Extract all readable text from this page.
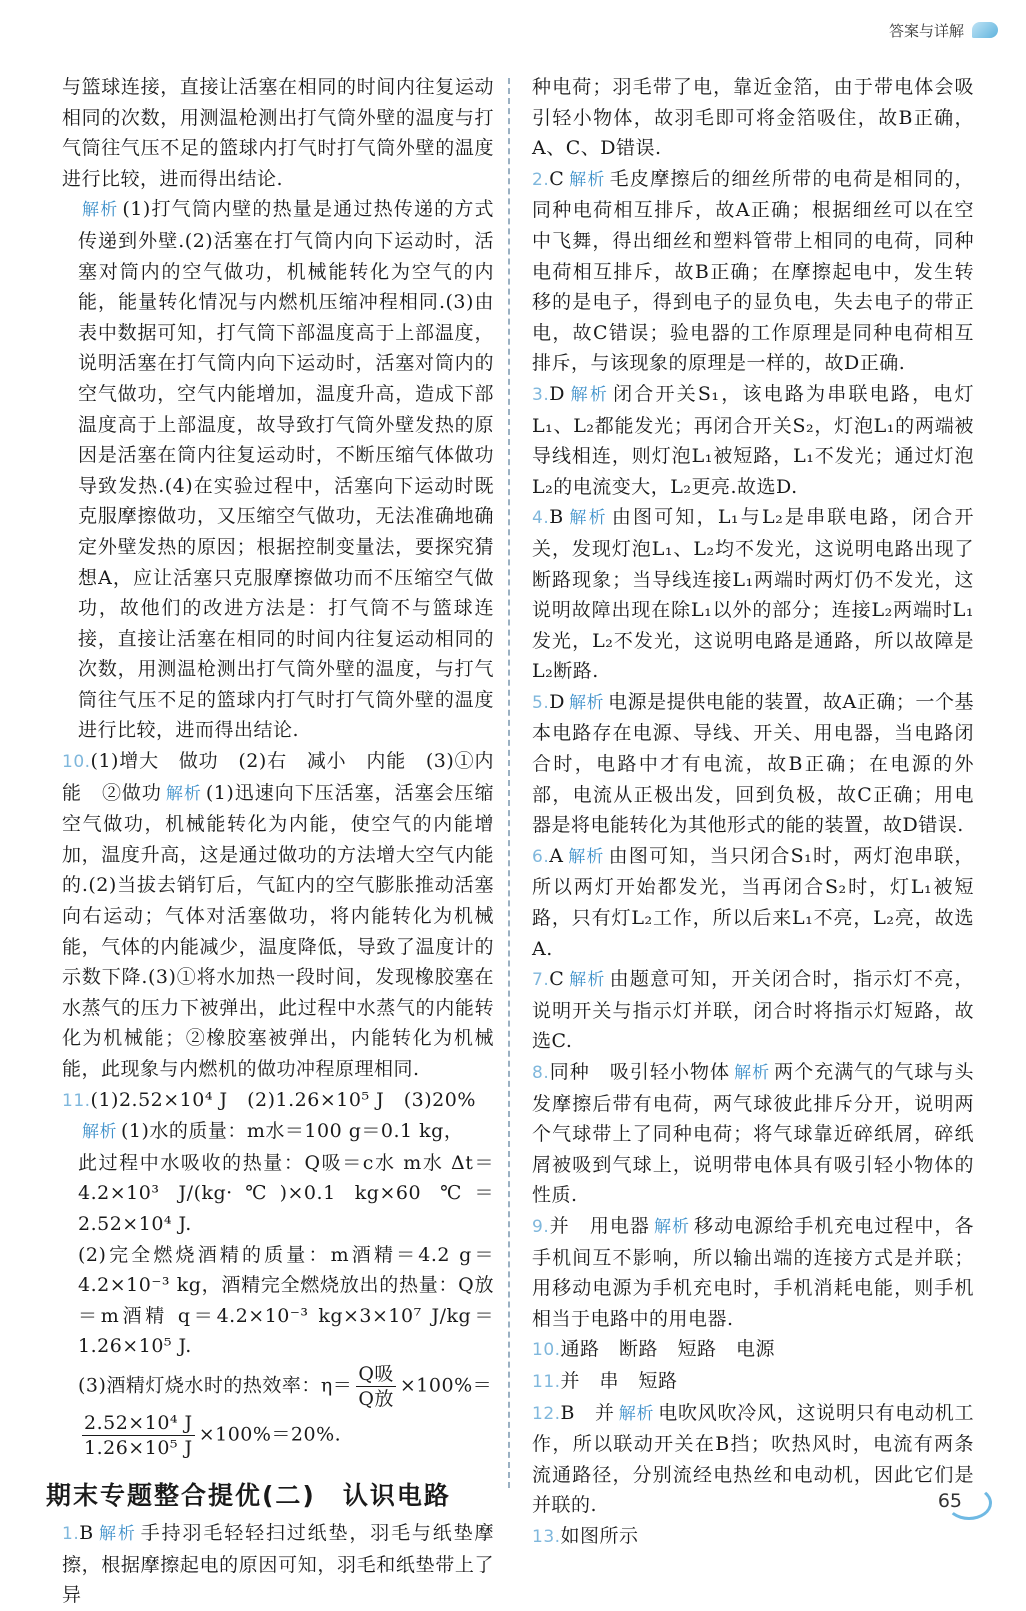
答案与详解

与篮球连接，直接让活塞在相同的时间内往复运动相同的次数，用测温枪测出打气筒外壁的温度与打气筒往气压不足的篮球内打气时打气筒外壁的温度进行比较，进而得出结论.

解析 (1)打气筒内壁的热量是通过热传递的方式传递到外壁.(2)活塞在打气筒内向下运动时，活塞对筒内的空气做功，机械能转化为空气的内能，能量转化情况与内燃机压缩冲程相同.(3)由表中数据可知，打气筒下部温度高于上部温度，说明活塞在打气筒内向下运动时，活塞对筒内的空气做功，空气内能增加，温度升高，造成下部温度高于上部温度，故导致打气筒外壁发热的原因是活塞在筒内往复运动时，不断压缩气体做功导致发热.(4)在实验过程中，活塞向下运动时既克服摩擦做功，又压缩空气做功，无法准确地确定外壁发热的原因；根据控制变量法，要探究猜想A，应让活塞只克服摩擦做功而不压缩空气做功，故他们的改进方法是：打气筒不与篮球连接，直接让活塞在相同的时间内往复运动相同的次数，用测温枪测出打气筒外壁的温度，与打气筒往气压不足的篮球内打气时打气筒外壁的温度进行比较，进而得出结论.

10.(1)增大　做功　(2)右　减小　内能　(3)①内能　②做功 解析 (1)迅速向下压活塞，活塞会压缩空气做功，机械能转化为内能，使空气的内能增加，温度升高，这是通过做功的方法增大空气内能的.(2)当拔去销钉后，气缸内的空气膨胀推动活塞向右运动；气体对活塞做功，将内能转化为机械能，气体的内能减少，温度降低，导致了温度计的示数下降.(3)①将水加热一段时间，发现橡胶塞在水蒸气的压力下被弹出，此过程中水蒸气的内能转化为机械能；②橡胶塞被弹出，内能转化为机械能，此现象与内燃机的做功冲程原理相同.

11.(1)2.52×10⁴ J　(2)1.26×10⁵ J　(3)20%

解析 (1)水的质量：m水＝100 g＝0.1 kg，

此过程中水吸收的热量：Q吸＝c水 m水 Δt＝4.2×10³ J/(kg·℃)×0.1 kg×60 ℃＝2.52×10⁴ J.

(2)完全燃烧酒精的质量：m酒精＝4.2 g＝4.2×10⁻³ kg，酒精完全燃烧放出的热量：Q放＝m酒精 q＝4.2×10⁻³ kg×3×10⁷ J/kg＝1.26×10⁵ J.

(3)酒精灯烧水时的热效率：$\eta= \frac{\text{Q吸}}{\text{Q放}} \times 100\%=$

$\frac{\text{2.52×10⁴ J}}{\text{1.26×10⁵ J}} \times 100\%=20\%$.

期末专题整合提优(二)　认识电路

1.B 解析 手持羽毛轻轻扫过纸垫，羽毛与纸垫摩擦，根据摩擦起电的原因可知，羽毛和纸垫带上了异

种电荷；羽毛带了电，靠近金箔，由于带电体会吸引轻小物体，故羽毛即可将金箔吸住，故B正确，A、C、D错误.

2.C 解析 毛皮摩擦后的细丝所带的电荷是相同的，同种电荷相互排斥，故A正确；根据细丝可以在空中飞舞，得出细丝和塑料管带上相同的电荷，同种电荷相互排斥，故B正确；在摩擦起电中，发生转移的是电子，得到电子的显负电，失去电子的带正电，故C错误；验电器的工作原理是同种电荷相互排斥，与该现象的原理是一样的，故D正确.

3.D 解析 闭合开关S₁，该电路为串联电路，电灯L₁、L₂都能发光；再闭合开关S₂，灯泡L₁的两端被导线相连，则灯泡L₁被短路，L₁不发光；通过灯泡L₂的电流变大，L₂更亮.故选D.

4.B 解析 由图可知，L₁与L₂是串联电路，闭合开关，发现灯泡L₁、L₂均不发光，这说明电路出现了断路现象；当导线连接L₁两端时两灯仍不发光，这说明故障出现在除L₁以外的部分；连接L₂两端时L₁发光，L₂不发光，这说明电路是通路，所以故障是L₂断路.

5.D 解析 电源是提供电能的装置，故A正确；一个基本电路存在电源、导线、开关、用电器，当电路闭合时，电路中才有电流，故B正确；在电源的外部，电流从正极出发，回到负极，故C正确；用电器是将电能转化为其他形式的能的装置，故D错误.

6.A 解析 由图可知，当只闭合S₁时，两灯泡串联，所以两灯开始都发光，当再闭合S₂时，灯L₁被短路，只有灯L₂工作，所以后来L₁不亮，L₂亮，故选A.

7.C 解析 由题意可知，开关闭合时，指示灯不亮，说明开关与指示灯并联，闭合时将指示灯短路，故选C.

8.同种　吸引轻小物体 解析 两个充满气的气球与头发摩擦后带有电荷，两气球彼此排斥分开，说明两个气球带上了同种电荷；将气球靠近碎纸屑，碎纸屑被吸到气球上，说明带电体具有吸引轻小物体的性质.

9.并　用电器 解析 移动电源给手机充电过程中，各手机间互不影响，所以输出端的连接方式是并联；用移动电源为手机充电时，手机消耗电能，则手机相当于电路中的用电器.

10.通路　断路　短路　电源

11.并　串　短路

12.B　并 解析 电吹风吹冷风，这说明只有电动机工作，所以联动开关在B挡；吹热风时，电流有两条流通路径，分别流经电热丝和电动机，因此它们是并联的.

13.如图所示

65
